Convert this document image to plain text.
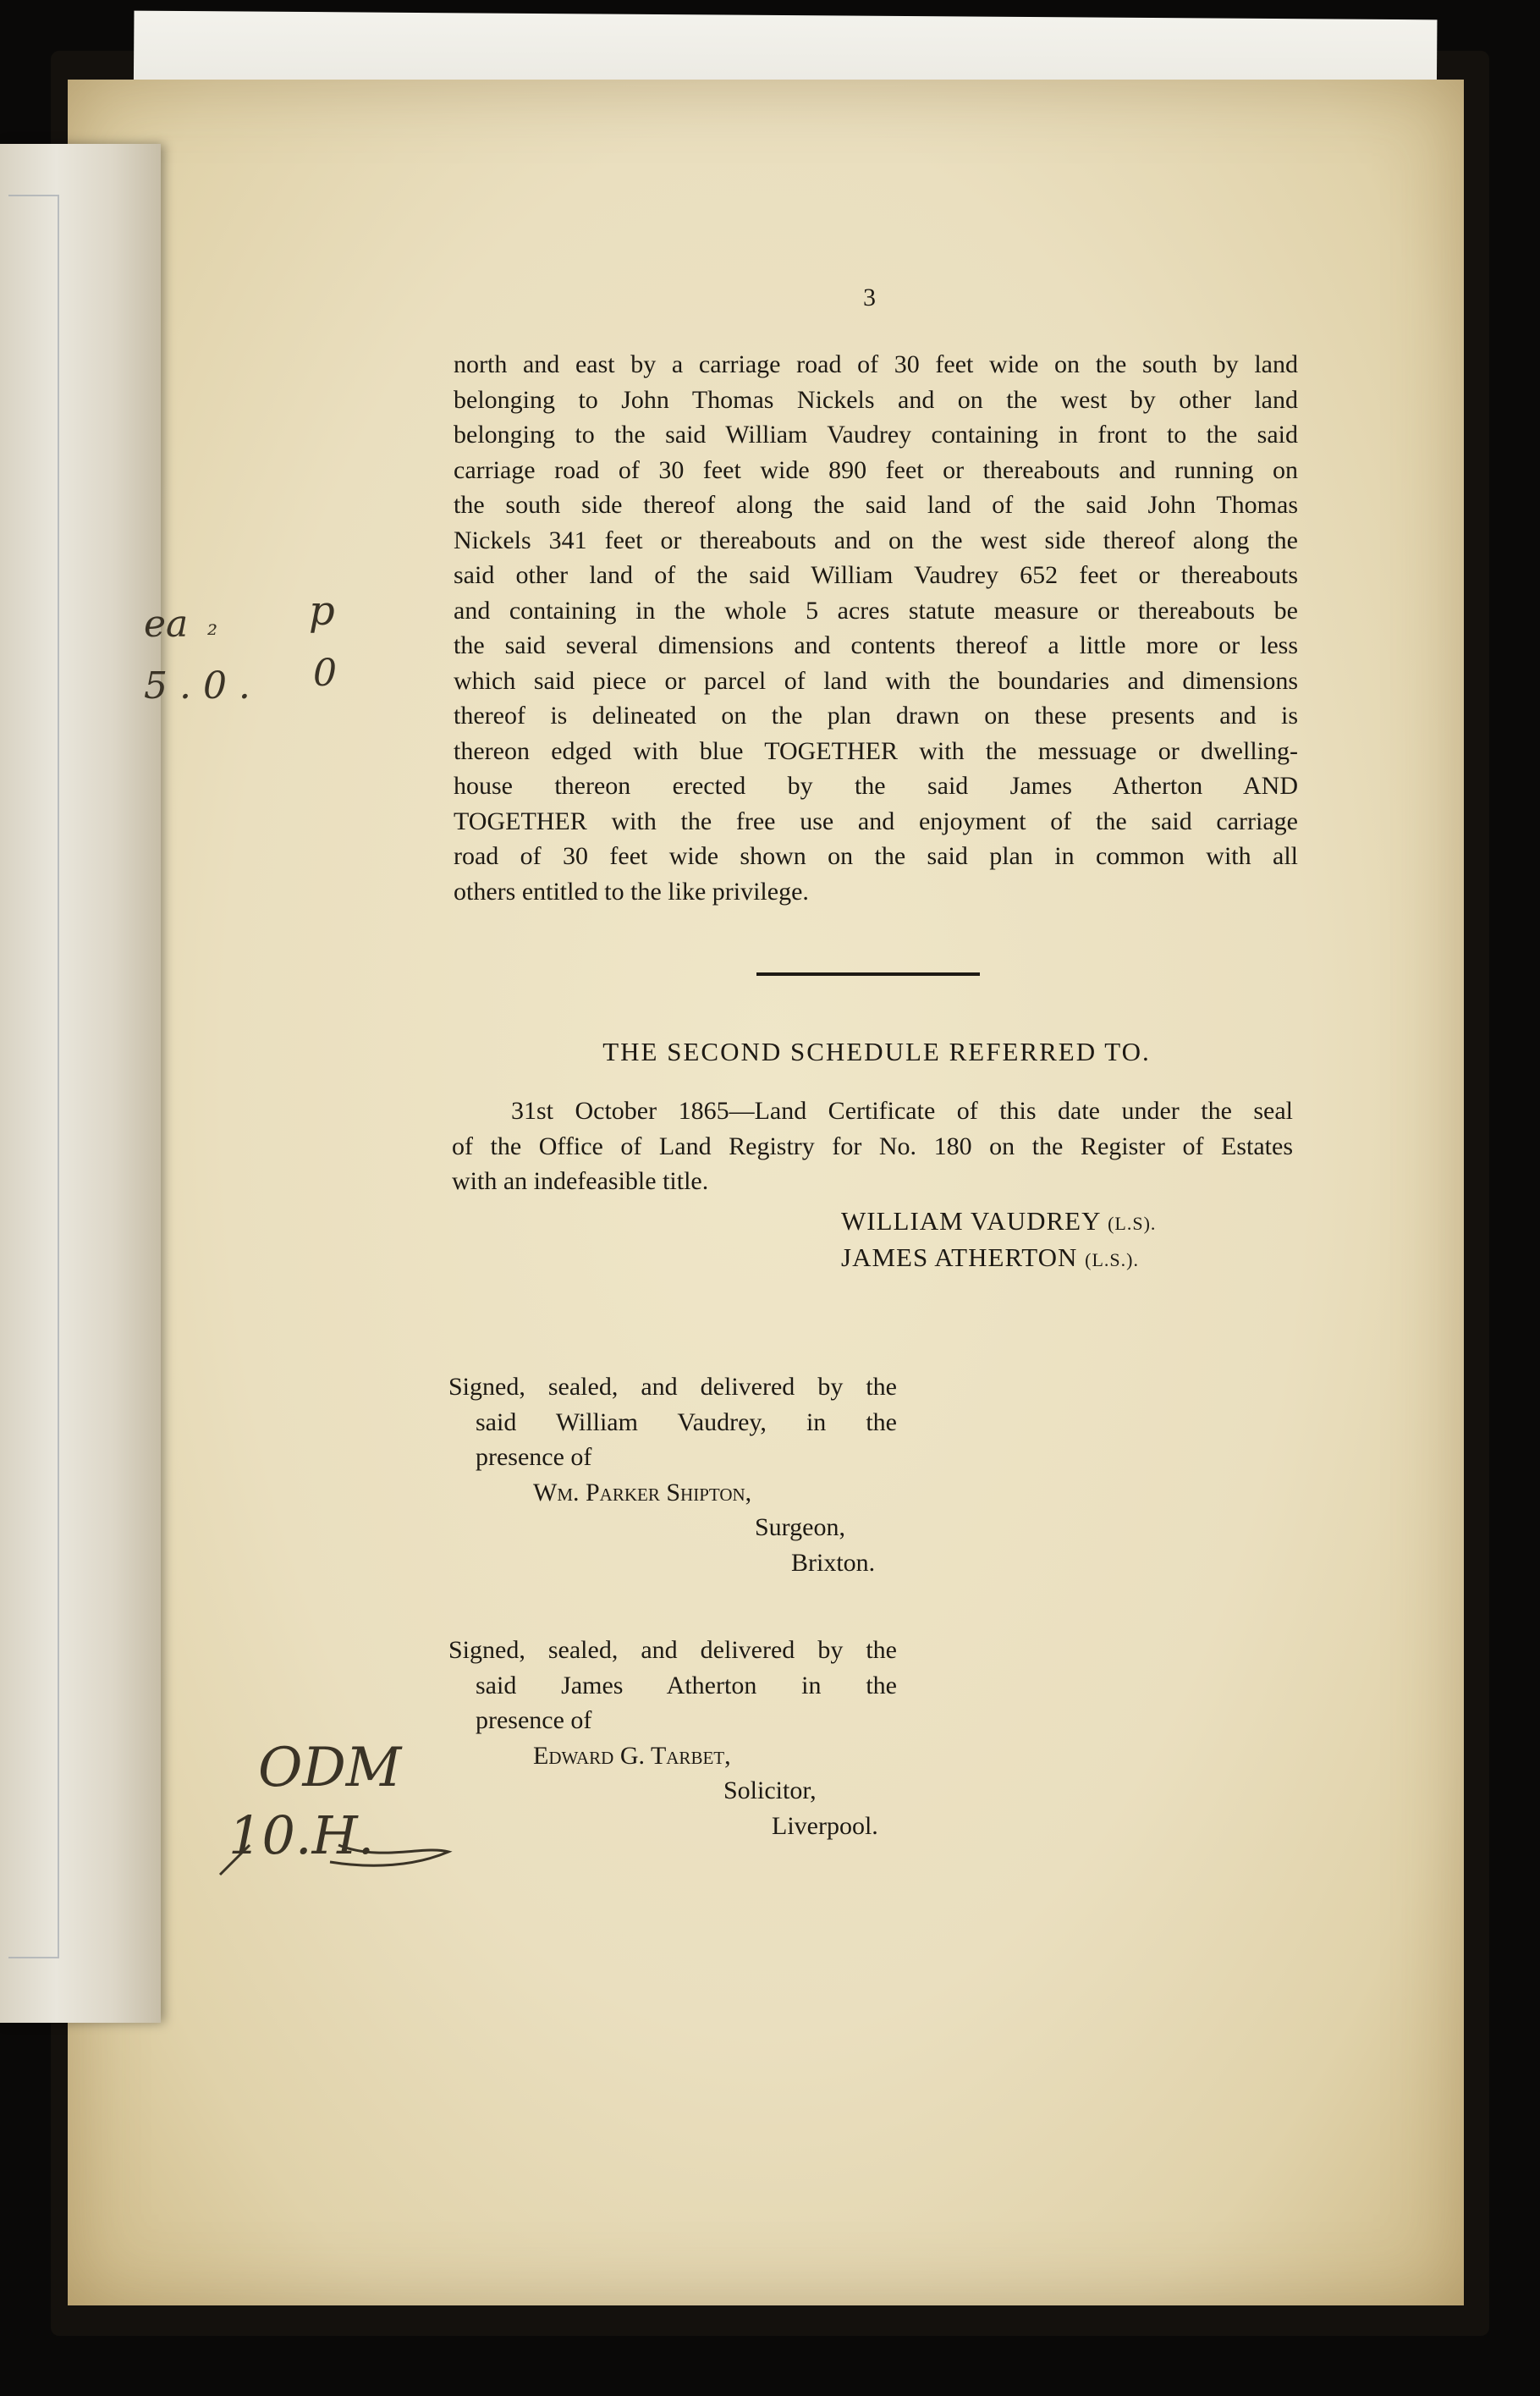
3
north and east by a carriage road of 30 feet wide on the south by land
belonging to John Thomas Nickels and on the west by other land
belonging to the said William Vaudrey containing in front to the said
carriage road of 30 feet wide 890 feet or thereabouts and running on
the south side thereof along the said land of the said John Thomas
Nickels 341 feet or thereabouts and on the west side thereof along the
said other land of the said William Vaudrey 652 feet or thereabouts
and containing in the whole 5 acres statute measure or thereabouts be
the said several dimensions and contents thereof a little more or less
which said piece or parcel of land with the boundaries and dimensions
thereof is delineated on the plan drawn on these presents and is
thereon edged with blue TOGETHER with the messuage or dwelling-
house thereon erected by the said James Atherton AND
TOGETHER with the free use and enjoyment of the said carriage
road of 30 feet wide shown on the said plan in common with all
others entitled to the like privilege.
THE SECOND SCHEDULE REFERRED TO.
31st October 1865—Land Certificate of this date under the seal
of the Office of Land Registry for No. 180 on the Register of Estates
with an indefeasible title.
WILLIAM VAUDREY (L.S).
JAMES ATHERTON (L.S.).
Signed, sealed, and delivered by the
said William Vaudrey, in the
presence of
Wm. Parker Shipton,
Surgeon,
Brixton.
Signed, sealed, and delivered by the
said James Atherton in the
presence of
Edward G. Tarbet,
Solicitor,
Liverpool.
ea ₂ p
5 . 0 . 0
ODM
10.H.
